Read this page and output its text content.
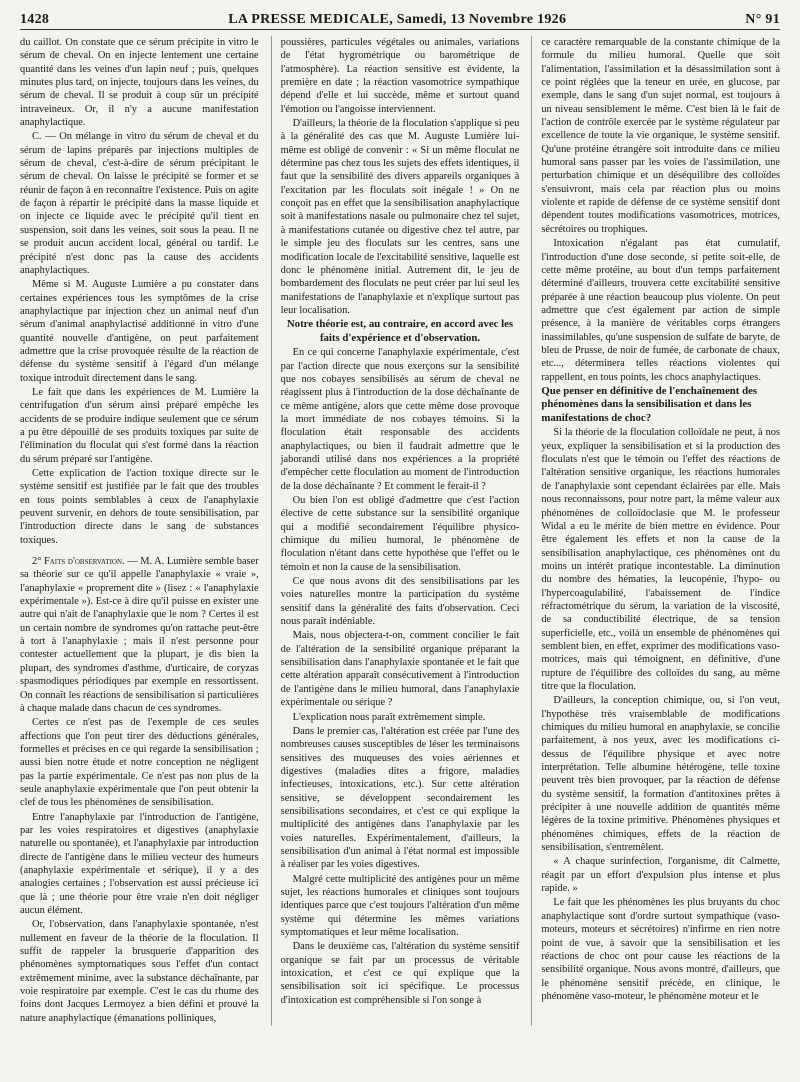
1428	LA PRESSE MEDICALE, Samedi, 13 Novembre 1926	N° 91

du caillot. On constate que ce sérum précipite in vitro le sérum de cheval. On en injecte lentement une certaine quantité dans les veines d'un lapin neuf ; puis, quelques minutes plus tard, on injecte, toujours dans les veines, du sérum de cheval. Il se produit à coup sûr un précipité intraveineux. Or, il n'y a aucune manifestation anaphylactique.

C. — On mélange in vitro du sérum de cheval et du sérum de lapins préparés par injections multiples de sérum de cheval, c'est-à-dire de sérum précipitant le sérum de cheval. On laisse le précipité se former et se réunir de façon à en reconnaître l'existence. Puis on agite de façon à répartir le précipité dans la masse liquide et on injecte ce liquide avec le précipité qu'il tient en suspension, soit dans les veines, soit sous la peau. Il ne se produit aucun accident local, général ou tardif. Le précipité n'est donc pas la cause des accidents anaphylactiques.

Même si M. Auguste Lumière a pu constater dans certaines expériences tous les symptômes de la crise anaphylactique par injection chez un animal neuf d'un sérum d'animal anaphylactisé additionné in vitro d'une quantité nouvelle d'antigène, on peut parfaitement admettre que la crise provoquée résulte de la réaction de défense du système sensitif à l'égard d'un mélange toxique introduit directement dans le sang.

Le fait que dans les expériences de M. Lumière la centrifugation d'un sérum ainsi préparé empêche les accidents de se produire indique seulement que ce sérum a pu être dépouillé de ses produits toxiques par suite de l'élimination du floculat qui s'est formé dans la réaction du sérum préparé sur l'antigène.

Cette explication de l'action toxique directe sur le système sensitif est justifiée par le fait que des troubles en tous points semblables à ceux de l'anaphylaxie peuvent survenir, en dehors de toute sensibilisation, par l'introduction directe dans le sang de substances toxiques.

2° Faits d'observation. — M. A. Lumière semble baser sa théorie sur ce qu'il appelle l'anaphylaxie « vraie », l'anaphylaxie « proprement dite » (lisez : « l'anaphylaxie expérimentale »). Est-ce à dire qu'il puisse en exister une autre qui n'ait de l'anaphylaxie que le nom ? Certes il est un certain nombre de syndromes qu'on rattache peut-être à tort à l'anaphylaxie ; mais il n'est personne pour contester actuellement que la plupart, je dis bien la plupart, des syndromes d'asthme, d'urticaire, de coryzas spasmodiques périodiques par exemple en ressortissent. On connaît les réactions de sensibilisation si particulières à chaque malade dans chacun de ces syndromes.

Certes ce n'est pas de l'exemple de ces seules affections que l'on peut tirer des déductions générales, formelles et précises en ce qui regarde la sensibilisation ; aussi bien notre étude et notre conception ne négligent pas la partie expérimentale. Ce n'est pas non plus de la seule anaphylaxie expérimentale que l'on peut obtenir la clef de tous les phénomènes de sensibilisation.

Entre l'anaphylaxie par l'introduction de l'antigène, par les voies respiratoires et digestives (anaphylaxie naturelle ou spontanée), et l'anaphylaxie par introduction directe de l'antigène dans le milieu vecteur des humeurs (anaphylaxie expérimentale et sérique), il y a des analogies certaines ; l'observation est aussi précieuse ici que là ; une théorie pour être vraie n'en doit négliger aucun élément.

Or, l'observation, dans l'anaphylaxie spontanée, n'est nullement en faveur de la théorie de la floculation. Il suffit de rappeler la brusquerie d'apparition des phénomènes symptomatiques sous l'effet d'un contact extrêmement minime, avec la substance déchaînante, par voie respiratoire par exemple. C'est le cas du rhume des foins dont Jacques Lermoyez a bien défini et prouvé la nature anaphylactique (émanations polliniques,

poussières, particules végétales ou animales, variations de l'état hygrométrique ou barométrique de l'atmosphère). La réaction sensitive est évidente, la première en date ; la réaction vasomotrice sympathique dépend d'elle et lui succède, même et surtout quand l'émotion ou l'angoisse interviennent.

D'ailleurs, la théorie de la floculation s'applique si peu à la généralité des cas que M. Auguste Lumière lui-même est obligé de convenir : « Si un même floculat ne détermine pas chez tous les sujets des effets identiques, il faut que la sensibilité des divers appareils organiques à l'excitation par les floculats soit inégale ! » On ne conçoit pas en effet que la sensibilisation anaphylactique soit à manifestations nasale ou pulmonaire chez tel sujet, à manifestations cutanée ou digestive chez tel autre, par le simple jeu des floculats sur les centres, sans une modification locale de l'excitabilité sensitive, laquelle est donc le phénomène initial. Autrement dit, le jeu de bombardement des floculats ne peut créer par lui seul les manifestations de l'anaphylaxie et n'explique surtout pas leur localisation.

Notre théorie est, au contraire, en accord avec les faits d'expérience et d'observation.

En ce qui concerne l'anaphylaxie expérimentale, c'est par l'action directe que nous exerçons sur la sensibilité que nos cobayes sensibilisés au sérum de cheval ne réagissent plus à l'introduction de la dose déchaînante de ce même antigène, alors que cette même dose provoque la mort immédiate de nos cobayes témoins. Si la floculation était responsable des accidents anaphylactiques, ou bien il faudrait admettre que le jaborandi utilisé dans nos expériences a la propriété d'empêcher cette floculation au moment de l'introduction de la dose déchaînante ? Et comment le ferait-il ?

Ou bien l'on est obligé d'admettre que c'est l'action élective de cette substance sur la sensibilité organique qui a modifié secondairement l'équilibre physico-chimique du milieu humoral, le phénomène de floculation n'étant dans cette hypothèse que l'effet ou le témoin et non la cause de la sensibilisation.

Ce que nous avons dit des sensibilisations par les voies naturelles montre la participation du système sensitif dans la généralité des faits d'observation. Ceci nous paraît indéniable.

Mais, nous objectera-t-on, comment concilier le fait de l'altération de la sensibilité organique préparant la sensibilisation dans l'anaphylaxie spontanée et le fait que cette altération apparaît consécutivement à l'introduction de l'antigène dans le milieu humoral, dans l'anaphylaxie expérimentale ou sérique ?

L'explication nous paraît extrêmement simple.

Dans le premier cas, l'altération est créée par l'une des nombreuses causes susceptibles de léser les terminaisons sensitives des muqueuses des voies aériennes et digestives (maladies dites a frigore, maladies infectieuses, intoxications, etc.). Sur cette altération sensitive, se développent secondairement les sensibilisations secondaires, et c'est ce qui explique la multiplicité des antigènes dans l'anaphylaxie par les voies naturelles. Expérimentalement, d'ailleurs, la sensibilisation d'un animal à l'état normal est impossible à réaliser par les voies digestives.

Malgré cette multiplicité des antigènes pour un même sujet, les réactions humorales et cliniques sont toujours identiques parce que c'est toujours l'altération d'un même système qui détermine les mêmes variations symptomatiques et leur même localisation.

Dans le deuxième cas, l'altération du système sensitif organique se fait par un processus de véritable intoxication, et c'est ce qui explique que la sensibilisation soit ici spécifique. Le processus d'intoxication est compréhensible si l'on songe à

ce caractère remarquable de la constante chimique de la formule du milieu humoral. Quelle que soit l'alimentation, l'assimilation et la désassimilation sont à ce point réglées que la teneur en urée, en glucose, par exemple, dans le sang d'un sujet normal, est toujours à un niveau sensiblement le même. C'est bien là le fait de l'action de contrôle exercée par le système régulateur par excellence de toute la vie organique, le système sensitif. Qu'une protéine étrangère soit introduite dans ce milieu humoral sans passer par les voies de l'assimilation, une perturbation chimique et un déséquilibre des colloïdes s'ensuivront, mais cela par réaction plus ou moins violente et rapide de défense de ce système sensitif dont dépendent toutes modifications vasomotrices, motrices, sécrétoires ou trophiques.

Intoxication n'égalant pas état cumulatif, l'introduction d'une dose seconde, si petite soit-elle, de cette même protéine, au bout d'un temps parfaitement déterminé d'ailleurs, trouvera cette excitabilité sensitive préparée à une réaction beaucoup plus violente. On peut admettre que c'est également par action de simple présence, à la manière de véritables corps étrangers inassimilables, qu'une suspension de sulfate de baryte, de bleu de Prusse, de noir de fumée, de carbonate de chaux, etc..., déterminera telles réactions violentes qui rappellent, en tous points, les chocs anaphylactiques.

Que penser en définitive de l'enchaînement des phénomènes dans la sensibilisation et dans les manifestations de choc?

Si la théorie de la floculation colloïdale ne peut, à nos yeux, expliquer la sensibilisation et si la production des floculats n'est que le témoin ou l'effet des réactions de l'altération sensitive organique, les réactions humorales de l'anaphylaxie sont cependant éclairées par elle. Mais nous reconnaissons, pour notre part, la même valeur aux phénomènes de colloïdoclasie que M. le professeur Widal a eu le mérite de bien mettre en évidence. Pour être également les effets et non la cause de la sensibilisation anaphylactique, ces phénomènes ont du moins un intérêt pratique incontestable. La diminution du nombre des hématies, la leucopénie, l'hypo- ou l'hypercoagulabilité, l'abaissement de l'indice réfractométrique du sérum, la variation de la viscosité, de sa conductibilité électrique, de sa tension superficielle, etc., voilà un ensemble de phénomènes qui semblent bien, en effet, exprimer des modifications vaso-motrices, mais qui témoignent, en définitive, d'une rupture de l'équilibre des colloïdes du sang, au même titre que la floculation.

D'ailleurs, la conception chimique, ou, si l'on veut, l'hypothèse très vraisemblable de modifications chimiques du milieu humoral en anaphylaxie, se concilie parfaitement, à nos yeux, avec les modifications ci-dessus de l'équilibre physique et avec notre interprétation. Telle albumine hétérogène, telle toxine peuvent très bien provoquer, par la réaction de défense du système sensitif, la formation d'antitoxines prêtes à précipiter à une nouvelle addition de quantités même légères de la toxine primitive. Phénomènes physiques et phénomènes chimiques, effets de la réaction de sensibilisation, s'entremêlent.

« A chaque surinfection, l'organisme, dit Calmette, réagit par un effort d'expulsion plus intense et plus rapide. »

Le fait que les phénomènes les plus bruyants du choc anaphylactique sont d'ordre surtout sympathique (vaso-moteurs, moteurs et sécrétoires) n'infirme en rien notre point de vue, à savoir que la sensibilisation et les réactions de choc ont pour cause les réactions de la sensibilité organique. Nous avons montré, d'ailleurs, que le phénomène sensitif précède, en clinique, le phénomène vaso-moteur, le phénomène moteur et le
